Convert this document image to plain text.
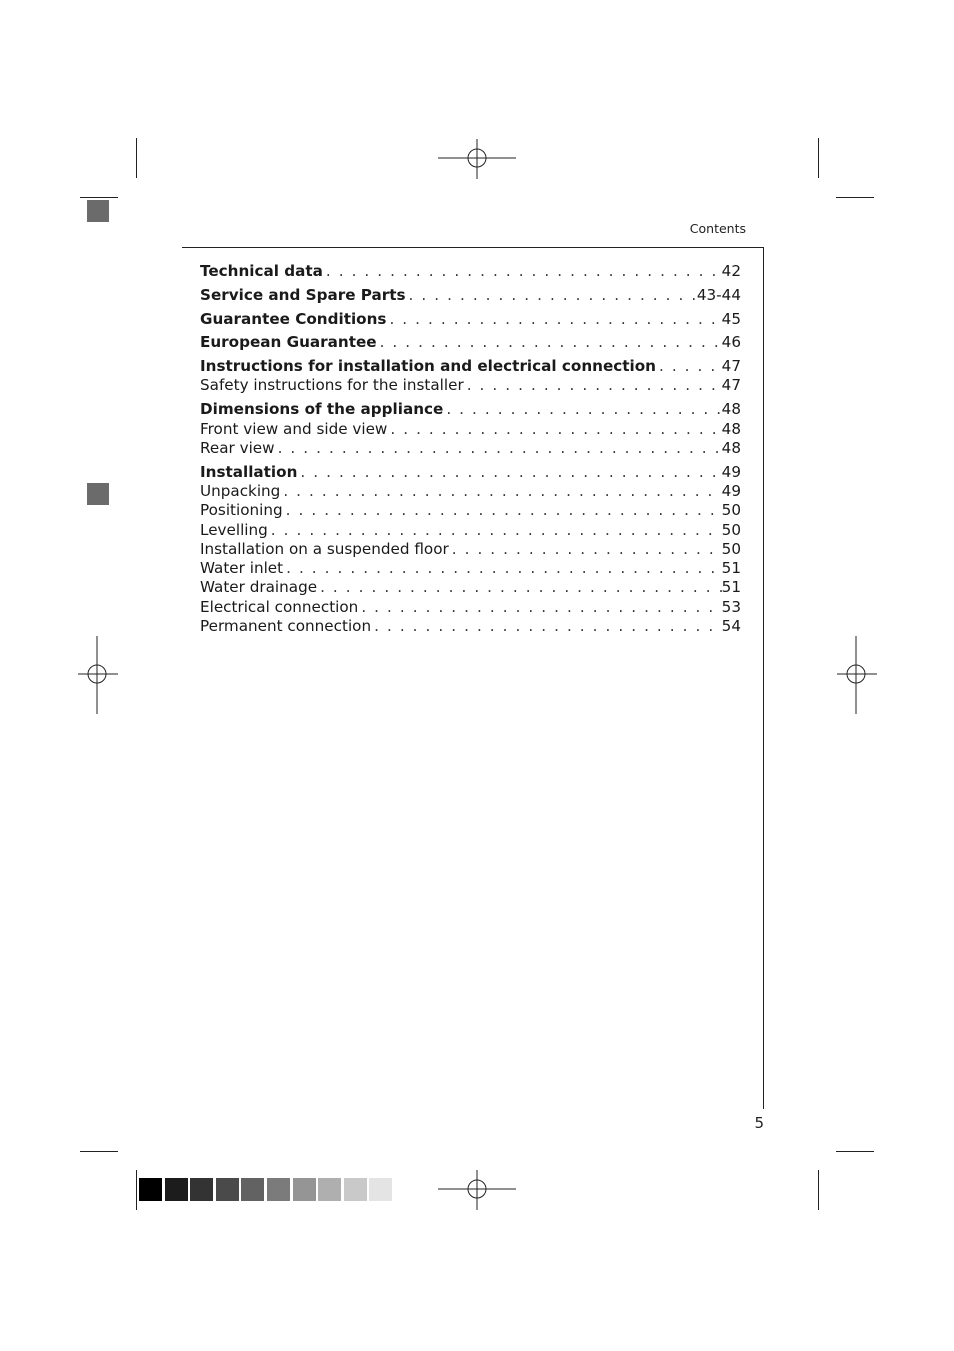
Contents
Technical data . . .	42
Service and Spare Parts . . .	43-44
Guarantee Conditions . . .	45
European Guarantee . . .	46
Instructions for installation and electrical connection . . .	47
Safety instructions for the installer . . .	47
Dimensions of the appliance . . .	48
Front view and side view . . .	48
Rear view . . .	48
Installation . . .	49
Unpacking . . .	49
Positioning . . .	50
Levelling . . .	50
Installation on a suspended floor . . .	50
Water inlet . . .	51
Water drainage . . .	51
Electrical connection . . .	53
Permanent connection . . .	54
5
